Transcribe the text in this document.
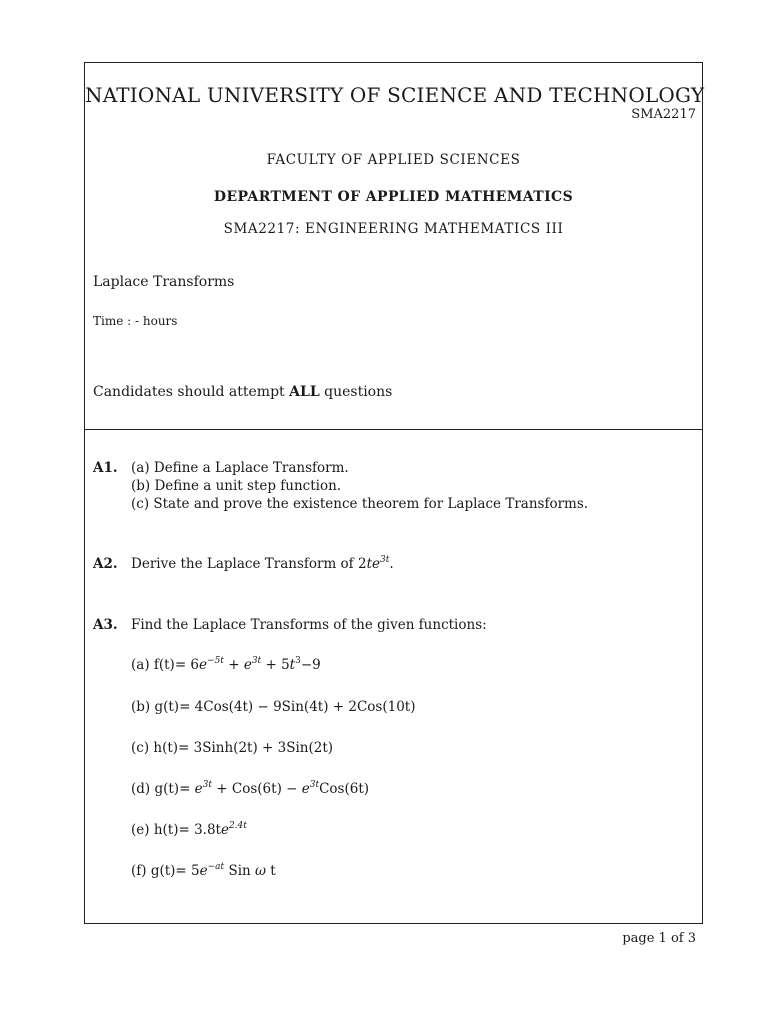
NATIONAL UNIVERSITY OF SCIENCE AND TECHNOLOGY
SMA2217
FACULTY OF APPLIED SCIENCES
DEPARTMENT OF APPLIED MATHEMATICS
SMA2217: ENGINEERING MATHEMATICS III
Laplace Transforms
Time : - hours
Candidates should attempt ALL questions
A1. (a) Define a Laplace Transform.
(b) Define a unit step function.
(c) State and prove the existence theorem for Laplace Transforms.
A2. Derive the Laplace Transform of $2te^{3t}$.
A3. Find the Laplace Transforms of the given functions:
(a) $f(t)= 6e^{-5t} + e^{3t} + 5t^3-9$
(b) g(t)= 4Cos(4t) − 9Sin(4t) + 2Cos(10t)
(c) h(t)= 3Sinh(2t) + 3Sin(2t)
(d) $g(t)= e^{3t} + Cos(6t) - e^{3t}Cos(6t)$
(e) $h(t)= 3.8te^{2.4t}$
(f) $g(t)= 5e^{-at}$ Sin ω t
page 1 of 3
